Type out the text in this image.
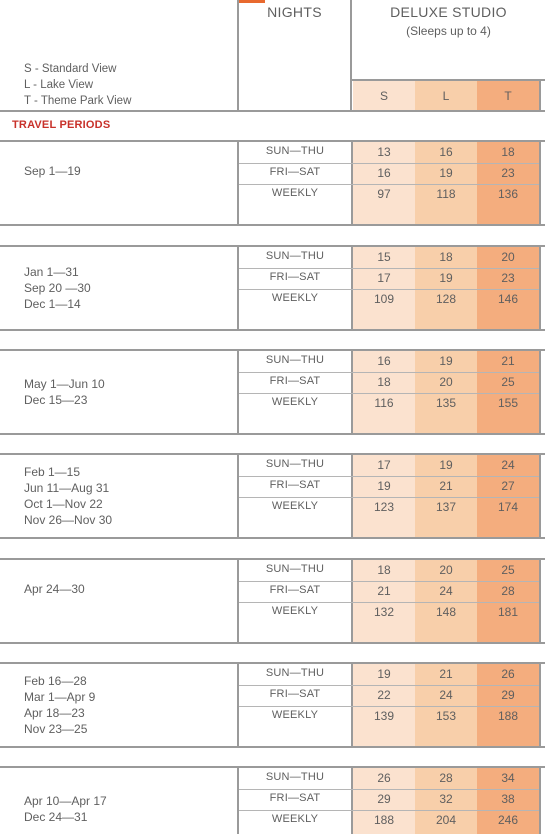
NIGHTS	DELUXE STUDIO
(Sleeps up to 4)
S	L	T
S - Standard View
L - Lake View
T - Theme Park View
TRAVEL PERIODS
Sep 1—19
SUN—THU	13	16	18
FRI—SAT	16	19	23
WEEKLY	97	118	136
Jan 1—31
Sep 20 —30
Dec 1—14
SUN—THU	15	18	20
FRI—SAT	17	19	23
WEEKLY	109	128	146
May 1—Jun 10
Dec 15—23
SUN—THU	16	19	21
FRI—SAT	18	20	25
WEEKLY	116	135	155
Feb 1—15
Jun 11—Aug 31
Oct 1—Nov 22
Nov 26—Nov 30
SUN—THU	17	19	24
FRI—SAT	19	21	27
WEEKLY	123	137	174
Apr 24—30
SUN—THU	18	20	25
FRI—SAT	21	24	28
WEEKLY	132	148	181
Feb 16—28
Mar 1—Apr 9
Apr 18—23
Nov 23—25
SUN—THU	19	21	26
FRI—SAT	22	24	29
WEEKLY	139	153	188
Apr 10—Apr 17
Dec 24—31
SUN—THU	26	28	34
FRI—SAT	29	32	38
WEEKLY	188	204	246
